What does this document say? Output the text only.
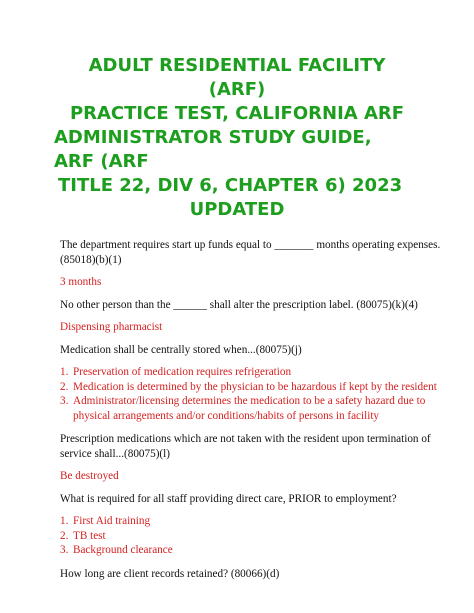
ADULT RESIDENTIAL FACILITY
(ARF)
PRACTICE TEST, CALIFORNIA ARF
ADMINISTRATOR STUDY GUIDE,
ARF (ARF
TITLE 22, DIV 6, CHAPTER 6) 2023
UPDATED

The department requires start up funds equal to _______ months operating expenses. (85018)(b)(1)

3 months

No other person than the ______ shall alter the prescription label. (80075)(k)(4)

Dispensing pharmacist

Medication shall be centrally stored when...(80075)(j)

1. Preservation of medication requires refrigeration
2. Medication is determined by the physician to be hazardous if kept by the resident
3. Administrator/licensing determines the medication to be a safety hazard due to physical arrangements and/or conditions/habits of persons in facility

Prescription medications which are not taken with the resident upon termination of service shall...(80075)(l)

Be destroyed

What is required for all staff providing direct care, PRIOR to employment?

1. First Aid training
2. TB test
3. Background clearance

How long are client records retained? (80066)(d)
